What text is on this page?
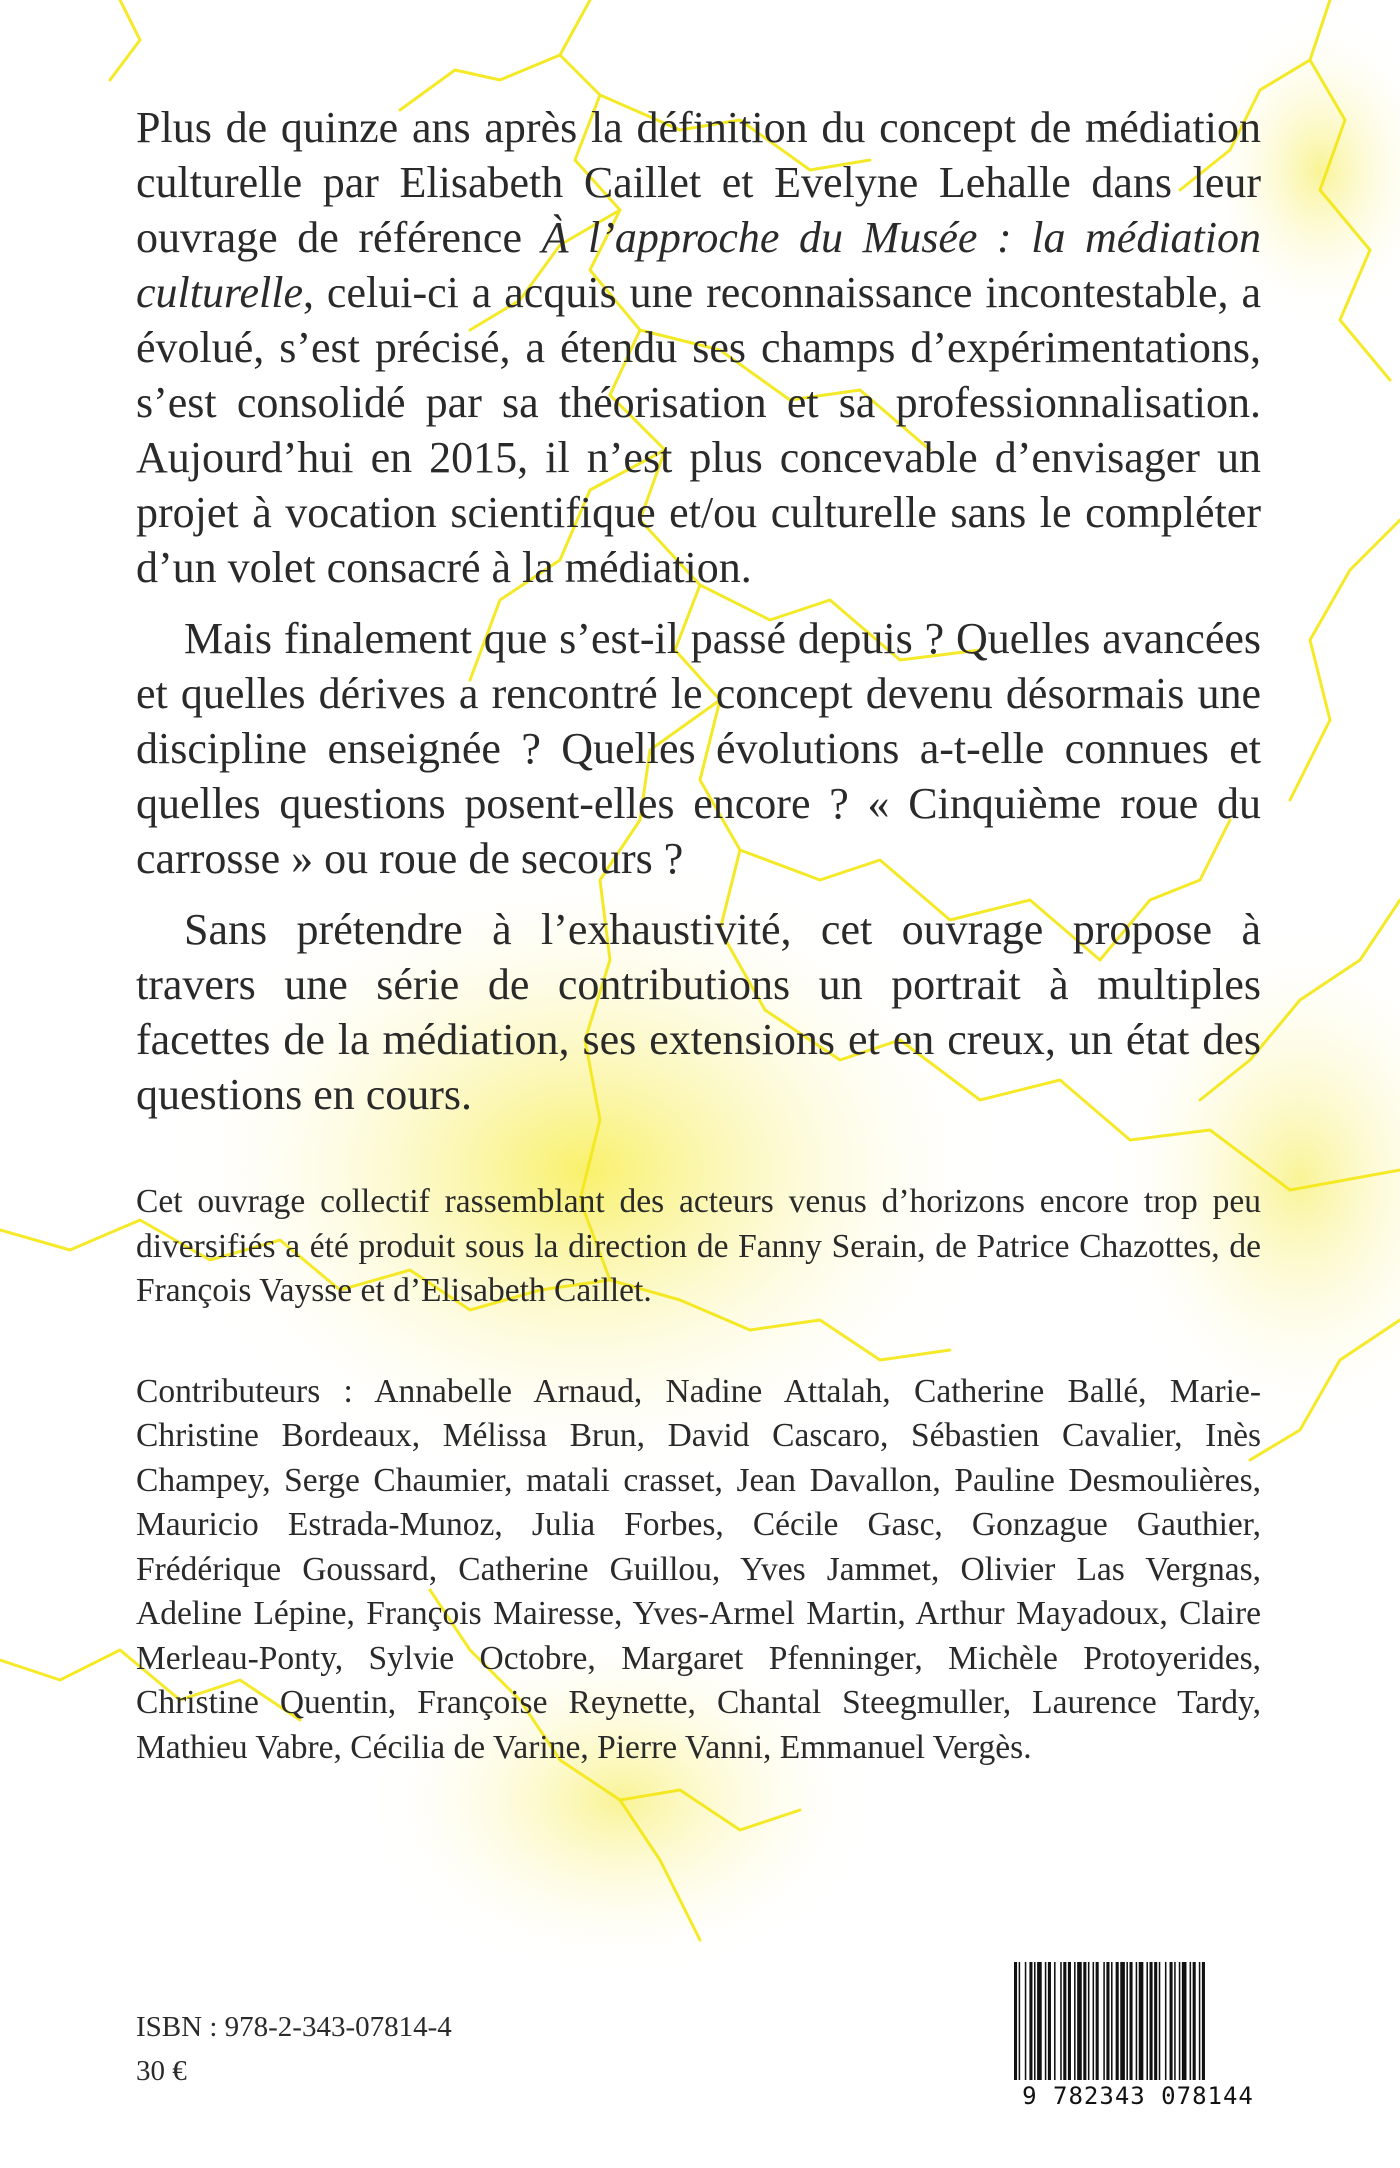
Plus de quinze ans après la définition du concept de médiation culturelle par Elisabeth Caillet et Evelyne Lehalle dans leur ouvrage de référence À l’approche du Musée : la médiation culturelle, celui-ci a acquis une reconnaissance incontestable, a évolué, s’est précisé, a étendu ses champs d’expérimentations, s’est consolidé par sa théorisation et sa professionnalisation. Aujourd’hui en 2015, il n’est plus concevable d’envisager un projet à vocation scientifique et/ou culturelle sans le compléter d’un volet consacré à la médiation.

Mais finalement que s’est-il passé depuis ? Quelles avancées et quelles dérives a rencontré le concept devenu désormais une discipline enseignée ? Quelles évolutions a-t-elle connues et quelles questions posent-elles encore ? « Cinquième roue du carrosse » ou roue de secours ?

Sans prétendre à l’exhaustivité, cet ouvrage propose à travers une série de contributions un portrait à multiples facettes de la médiation, ses extensions et en creux, un état des questions en cours.

Cet ouvrage collectif rassemblant des acteurs venus d’horizons encore trop peu diversifiés a été produit sous la direction de Fanny Serain, de Patrice Chazottes, de François Vaysse et d’Elisabeth Caillet.

Contributeurs : Annabelle Arnaud, Nadine Attalah, Catherine Ballé, Marie-Christine Bordeaux, Mélissa Brun, David Cascaro, Sébastien Cavalier, Inès Champey, Serge Chaumier, matali crasset, Jean Davallon, Pauline Desmoulières, Mauricio Estrada-Munoz, Julia Forbes, Cécile Gasc, Gonzague Gauthier, Frédérique Goussard, Catherine Guillou, Yves Jammet, Olivier Las Vergnas, Adeline Lépine, François Mairesse, Yves-Armel Martin, Arthur Mayadoux, Claire Merleau-Ponty, Sylvie Octobre, Margaret Pfenninger, Michèle Protoyerides, Christine Quentin, Françoise Reynette, Chantal Steegmuller, Laurence Tardy, Mathieu Vabre, Cécilia de Varine, Pierre Vanni, Emmanuel Vergès.

ISBN : 978-2-343-07814-4
30 €
9 782343 078144
